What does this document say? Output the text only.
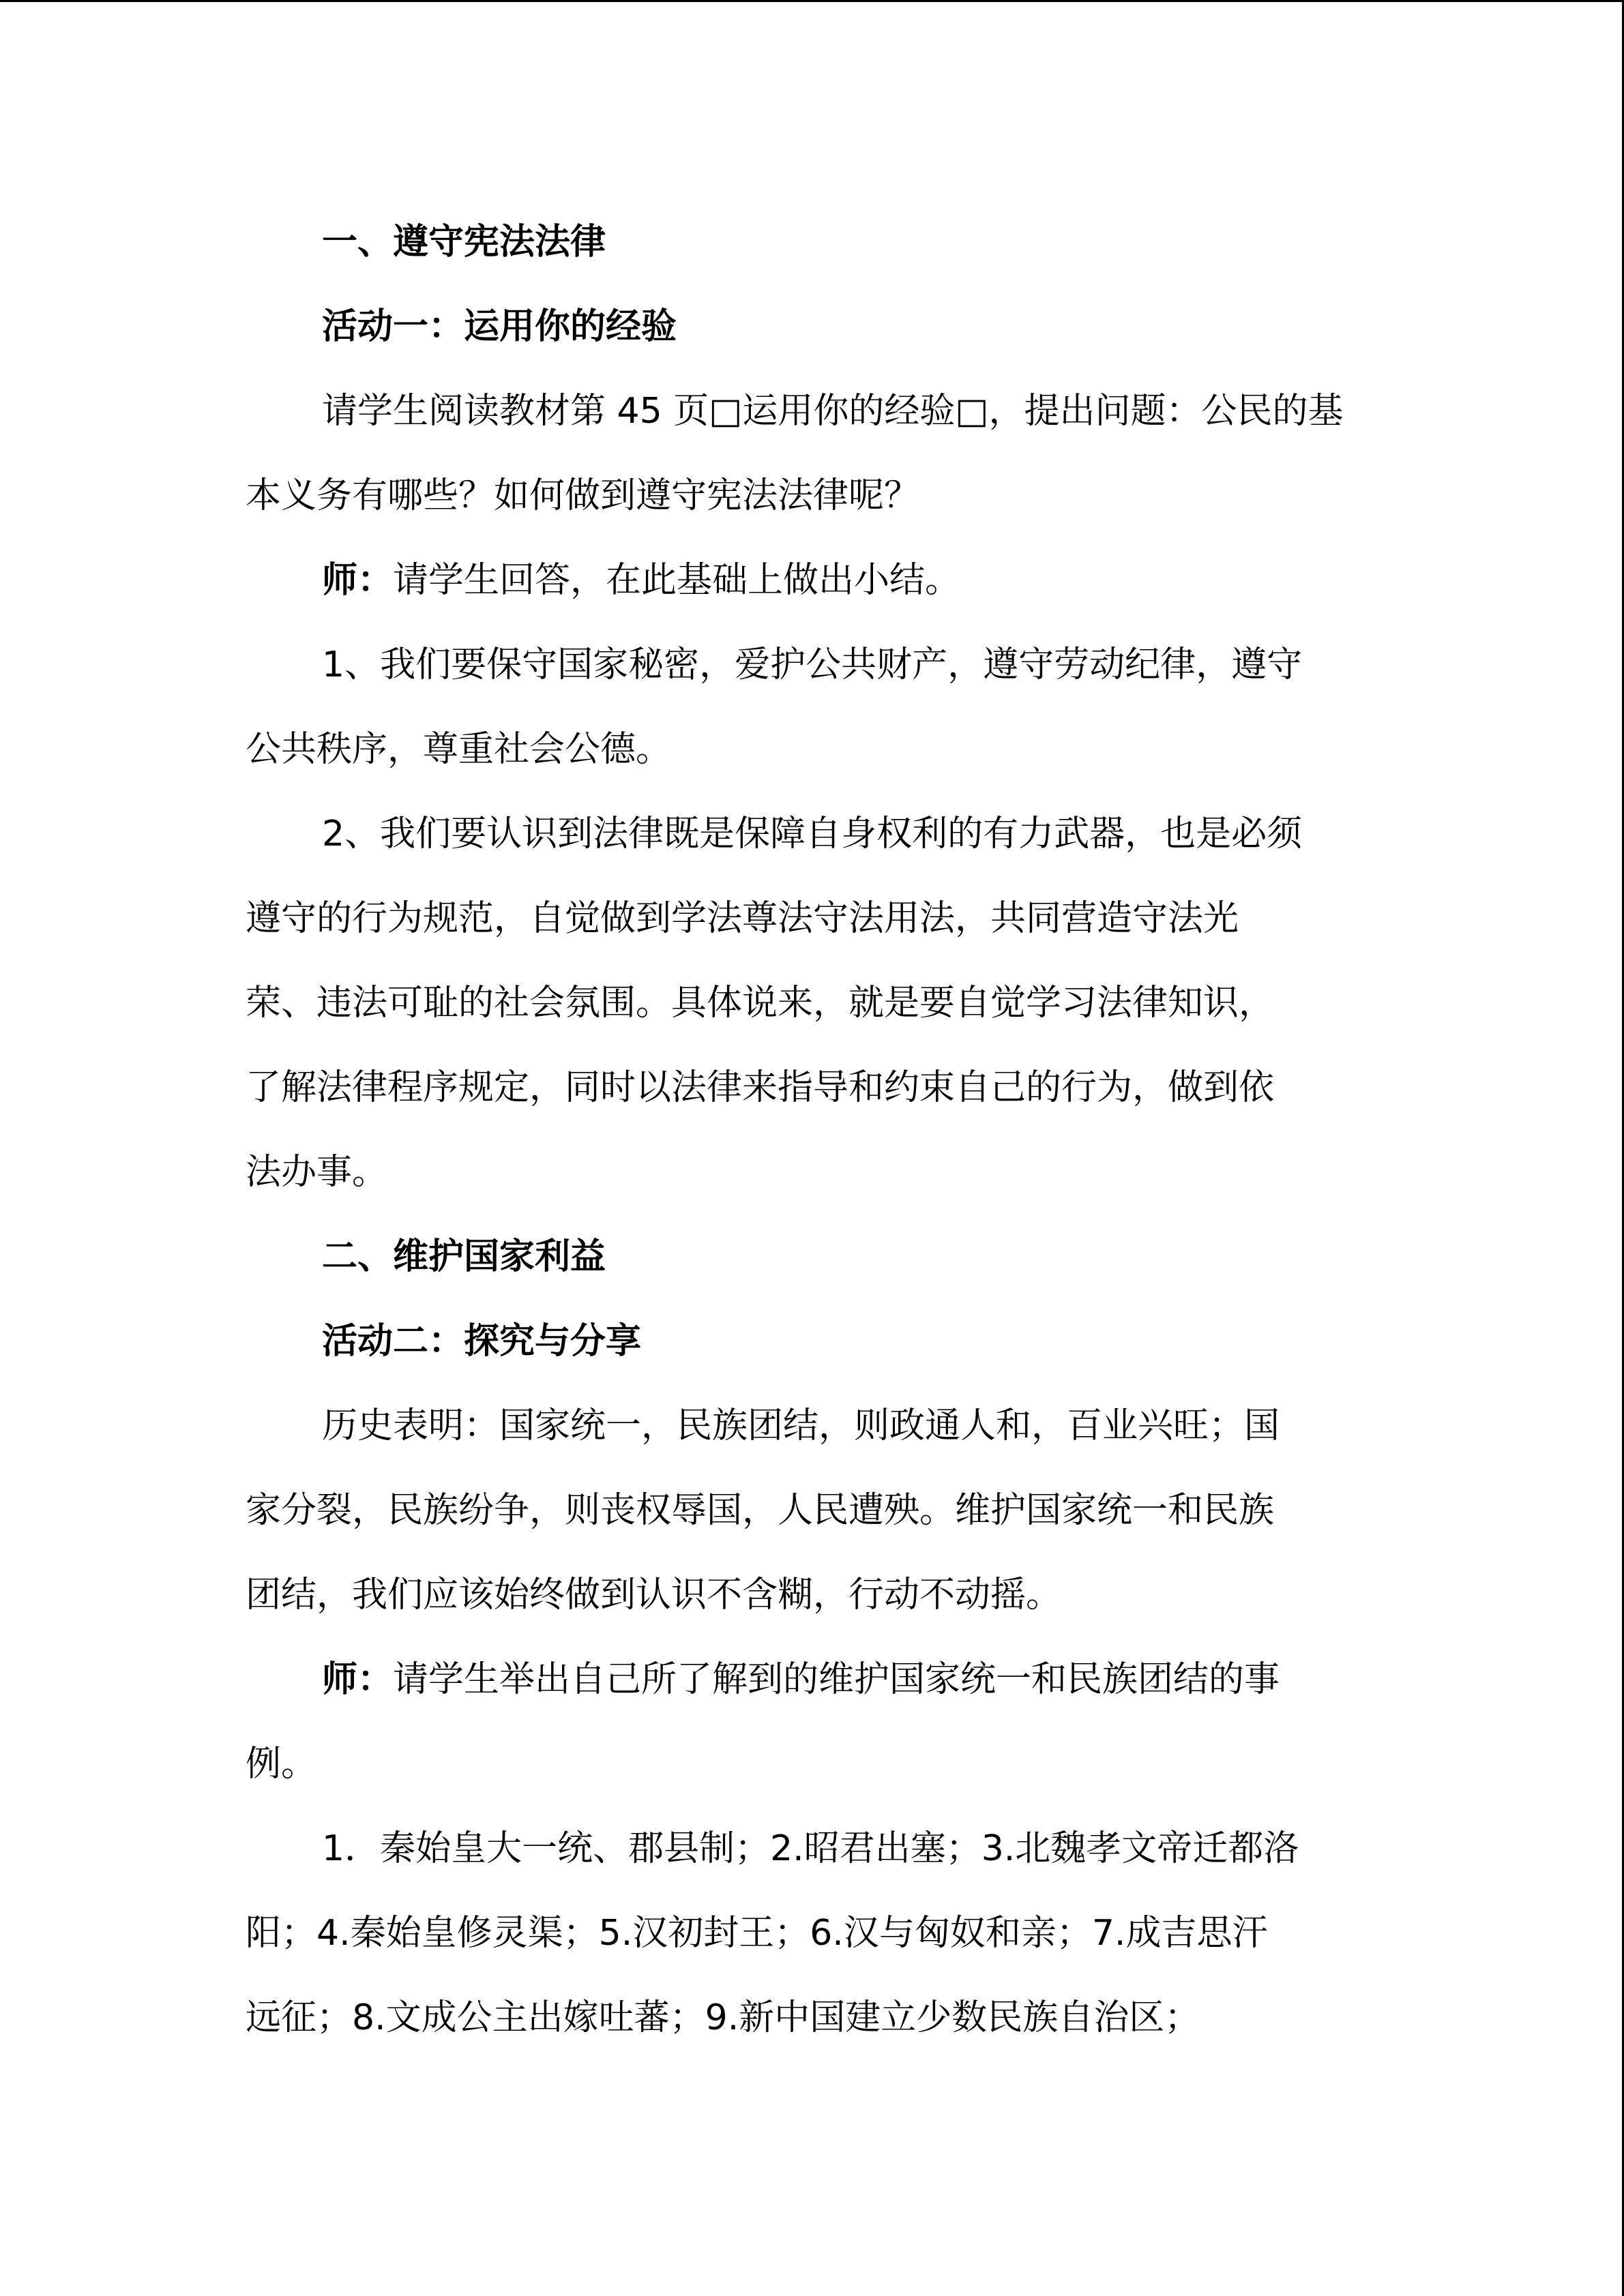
一、遵守宪法法律
活动一：运用你的经验
请学生阅读教材第 45 页□运用你的经验□，提出问题：公民的基
本义务有哪些？如何做到遵守宪法法律呢？
师：请学生回答，在此基础上做出小结。
1、我们要保守国家秘密，爱护公共财产，遵守劳动纪律，遵守
公共秩序，尊重社会公德。
2、我们要认识到法律既是保障自身权利的有力武器，也是必须
遵守的行为规范，自觉做到学法尊法守法用法，共同营造守法光
荣、违法可耻的社会氛围。具体说来，就是要自觉学习法律知识，
了解法律程序规定，同时以法律来指导和约束自己的行为，做到依
法办事。
二、维护国家利益
活动二：探究与分享
历史表明：国家统一，民族团结，则政通人和，百业兴旺；国
家分裂，民族纷争，则丧权辱国，人民遭殃。维护国家统一和民族
团结，我们应该始终做到认识不含糊，行动不动摇。
师：请学生举出自己所了解到的维护国家统一和民族团结的事
例。
1．秦始皇大一统、郡县制；2.昭君出塞；3.北魏孝文帝迁都洛
阳；4.秦始皇修灵渠；5.汉初封王；6.汉与匈奴和亲；7.成吉思汗
远征；8.文成公主出嫁吐蕃；9.新中国建立少数民族自治区；
